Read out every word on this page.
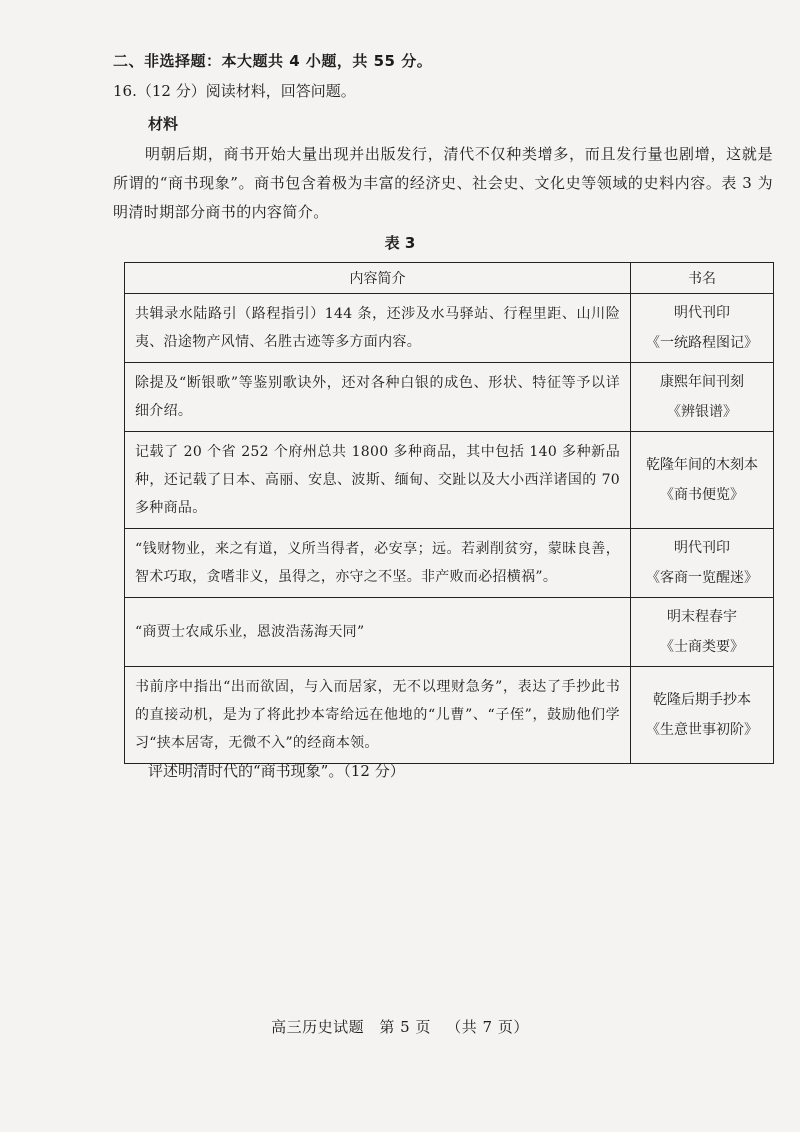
二、非选择题：本大题共 4 小题，共 55 分。
16.（12 分）阅读材料，回答问题。
材料
明朝后期，商书开始大量出现并出版发行，清代不仅种类增多，而且发行量也剧增，这就是所谓的“商书现象”。商书包含着极为丰富的经济史、社会史、文化史等领域的史料内容。表 3 为明清时期部分商书的内容简介。
表 3
内容简介	书名
共辑录水陆路引（路程指引）144 条，还涉及水马驿站、行程里距、山川险夷、沿途物产风情、名胜古迹等多方面内容。	明代刊印
《一统路程图记》

除提及“断银歌”等鉴别歌诀外，还对各种白银的成色、形状、特征等予以详细介绍。	康熙年间刊刻
《辨银谱》

记载了 20 个省 252 个府州总共 1800 多种商品，其中包括 140 多种新品种，还记载了日本、高丽、安息、波斯、缅甸、交趾以及大小西洋诸国的 70 多种商品。	乾隆年间的木刻本
《商书便览》

“钱财物业，来之有道，义所当得者，必安享；远。若剥削贫穷，蒙昧良善，智术巧取，贪嗜非义，虽得之，亦守之不坚。非产败而必招横祸”。	明代刊印
《客商一览醒迷》

“商贾士农咸乐业，恩波浩荡海天同”	明末程春宇
《士商类要》

书前序中指出“出而欲固，与入而居家，无不以理财急务”，表达了手抄此书的直接动机，是为了将此抄本寄给远在他地的“儿曹”、“子侄”，鼓励他们学习“挟本居寄，无微不入”的经商本领。	乾隆后期手抄本
《生意世事初阶》
评述明清时代的“商书现象”。（12 分）
高三历史试题 第 5 页 （共 7 页）
